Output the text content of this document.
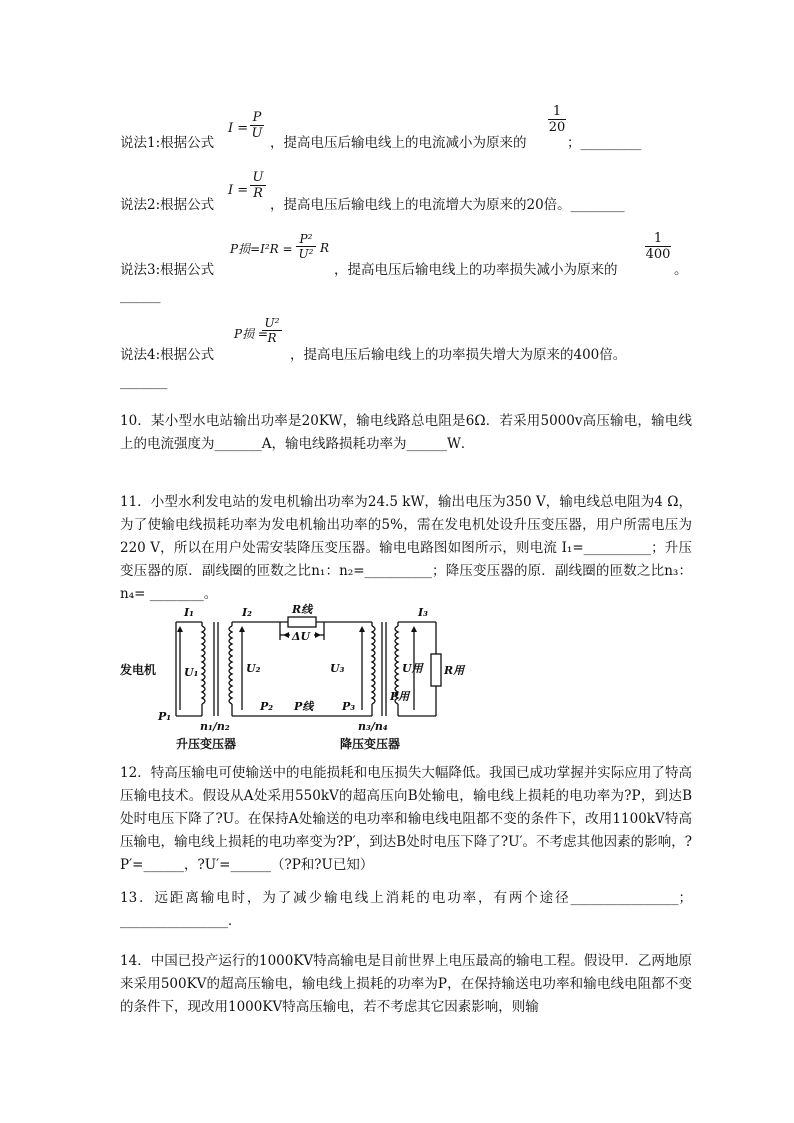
说法1:根据公式
I =
P
U
，提高电压后输电线上的电流减小为原来的
1
20
；_________
说法2:根据公式
I =
U
R
，提高电压后输电线上的电流增大为原来的20倍。________
说法3:根据公式
P损=I²R =
P²
U² R
，提高电压后输电线上的功率损失减小为原来的
1
400
。
______
说法4:根据公式
P损 =
U²
R
，提高电压后输电线上的功率损失增大为原来的400倍。
_______
10．某小型水电站输出功率是20KW，输电线路总电阻是6Ω．若采用5000v高压输电，输电线上的电流强度为_______A，输电线路损耗功率为______W．
11．小型水利发电站的发电机输出功率为24.5 kW，输出电压为350 V，输电线总电阻为4 Ω，为了使输电线损耗功率为发电机输出功率的5%，需在发电机处设升压变压器，用户所需电压为220 V，所以在用户处需安装降压变压器。输电电路图如图所示，则电流 I₁=__________；升压变压器的原．副线圈的匝数之比n₁：n₂=__________；降压变压器的原．副线圈的匝数之比n₃：n₄= ________。
发电机
I₁	I₂	I₃
R线
ΔU
U₁	U₂	U₃	U用 R用
P₁
P₂ P线	P₃
P用
n₁/n₂	n₃/n₄
升压变压器	降压变压器
12．特高压输电可使输送中的电能损耗和电压损失大幅降低。我国已成功掌握并实际应用了特高压输电技术。假设从A处采用550kV的超高压向B处输电，输电线上损耗的电功率为?P，到达B处时电压下降了?U。在保持A处输送的电功率和输电线电阻都不变的条件下，改用1100kV特高压输电，输电线上损耗的电功率变为?P′，到达B处时电压下降了?U′。不考虑其他因素的影响，?P′=______，?U′=______（?P和?U已知）
13．远距离输电时，为了减少输电线上消耗的电功率，有两个途径________________；________________．
14．中国已投产运行的1000KV特高输电是目前世界上电压最高的输电工程。假设甲．乙两地原来采用500KV的超高压输电，输电线上损耗的功率为P，在保持输送电功率和输电线电阻都不变的条件下，现改用1000KV特高压输电，若不考虑其它因素影响，则输
